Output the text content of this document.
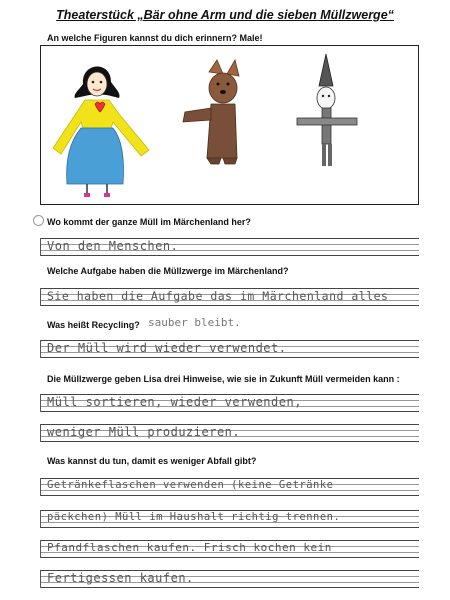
Theaterstück „Bär ohne Arm und die sieben Müllzwerge“
An welche Figuren kannst du dich erinnern? Male!
Wo kommt der ganze Müll im Märchenland her?
Von den Menschen.
Welche Aufgabe haben die Müllzwerge im Märchenland?
Sie haben die Aufgabe das im Märchenland alles
Was heißt Recycling? sauber bleibt.
Der Müll wird wieder verwendet.
Die Müllzwerge geben Lisa drei Hinweise, wie sie in Zukunft Müll vermeiden kann :
Müll sortieren, wieder verwenden,
weniger Müll produzieren.
Was kannst du tun, damit es weniger Abfall gibt?
Getränkeflaschen verwenden (keine Getränke
päckchen) Müll im Haushalt richtig trennen.
Pfandflaschen kaufen. Frisch kochen kein
Fertigessen kaufen.
